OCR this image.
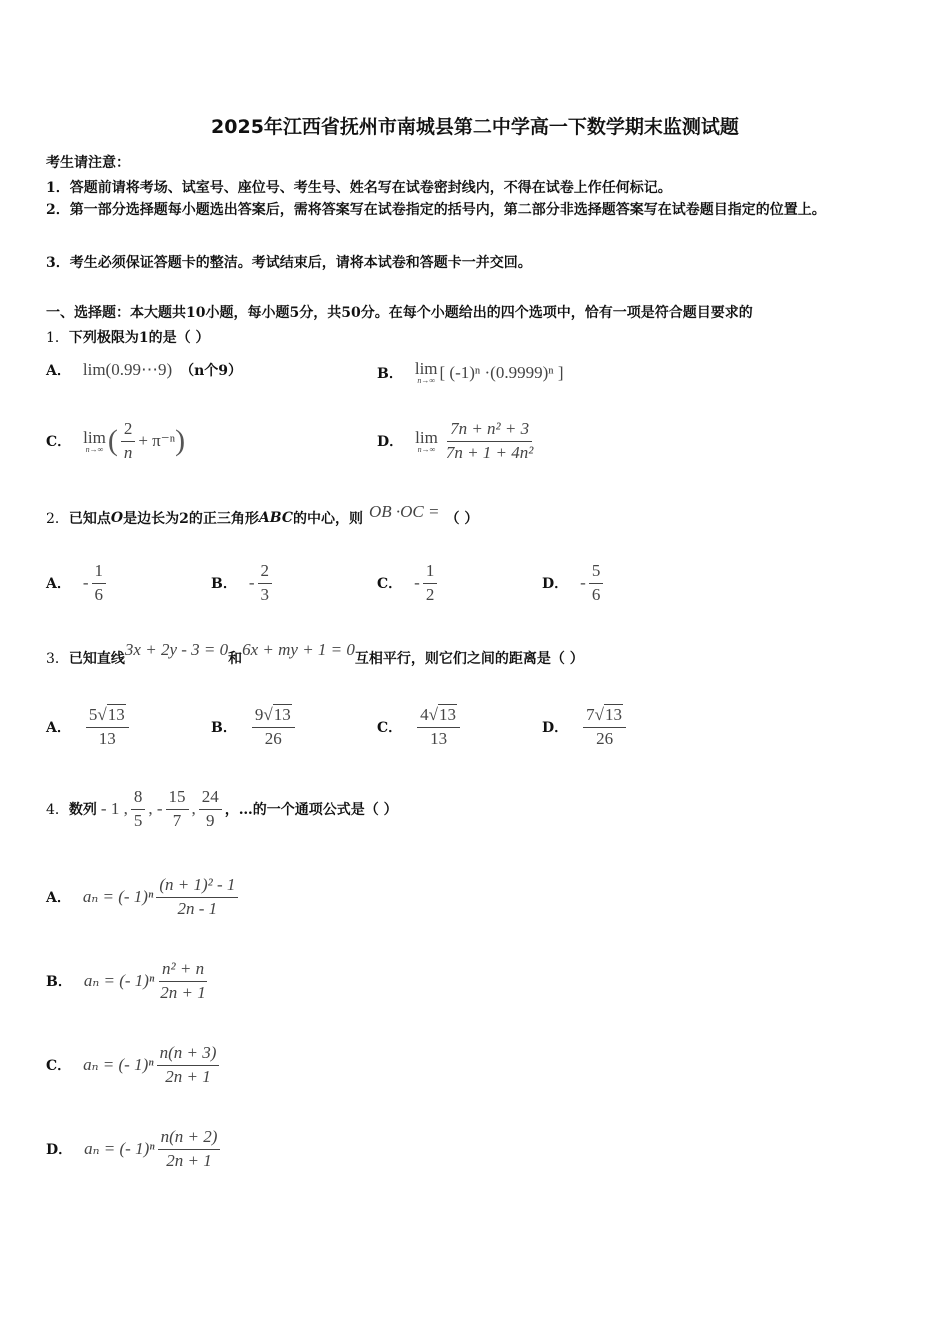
2025年江西省抚州市南城县第二中学高一下数学期末监测试题
考生请注意：
1．答题前请将考场、试室号、座位号、考生号、姓名写在试卷密封线内，不得在试卷上作任何标记。
2．第一部分选择题每小题选出答案后，需将答案写在试卷指定的括号内，第二部分非选择题答案写在试卷题目指定的位置上。
3．考生必须保证答题卡的整洁。考试结束后，请将本试卷和答题卡一并交回。
一、选择题：本大题共10小题，每小题5分，共50分。在每个小题给出的四个选项中，恰有一项是符合题目要求的
1．下列极限为1的是（ ）
A． lim(0.99⋯9) （n个9）	B． lim
n→∞ [ (-1)ⁿ ·(0.9999)ⁿ ]
C． lim
n→∞ ( $\frac{2}{n} + \pi^{-n}$ )	D． lim
$n\to\infty \frac{\text{7n + n² + 3}}{\text{7n + 1 + 4n²}}$
2． 已知点 O 是边长为2的正三角形 ABC 的中心，则 OB ·OC = （ ）
A． - $\frac{1}{6}$	B． - $\frac{2}{3}$	C． - $\frac{1}{2}$	D． - $\frac{5}{6}$
3． 已知直线 3x + 2y - 3 = 0 和 6x + my + 1 = 0 互相平行，则它们之间的距离是（ ）
A． $\frac{5√13}{13}$	B． $\frac{9√13}{26}$	C． $\frac{4√13}{13}$	D． $\frac{7√13}{26}$
4． 数列 - 1 , $\frac{8}{5}$ , - $\frac{15}{7}$ , $\frac{24}{9}$ ，…的一个通项公式是（ ）
A． aₙ = (- $1)^n \frac{\text{(n + 1)² - 1}}{2n - 1}$
B． aₙ = (- $1)^n \frac{\text{n² + n}}{2n + 1}$
C． aₙ = (- $1)^n \frac{n(n + 3)}{2n + 1}$
D． aₙ = (- $1)^n \frac{n(n + 2)}{2n + 1}$
